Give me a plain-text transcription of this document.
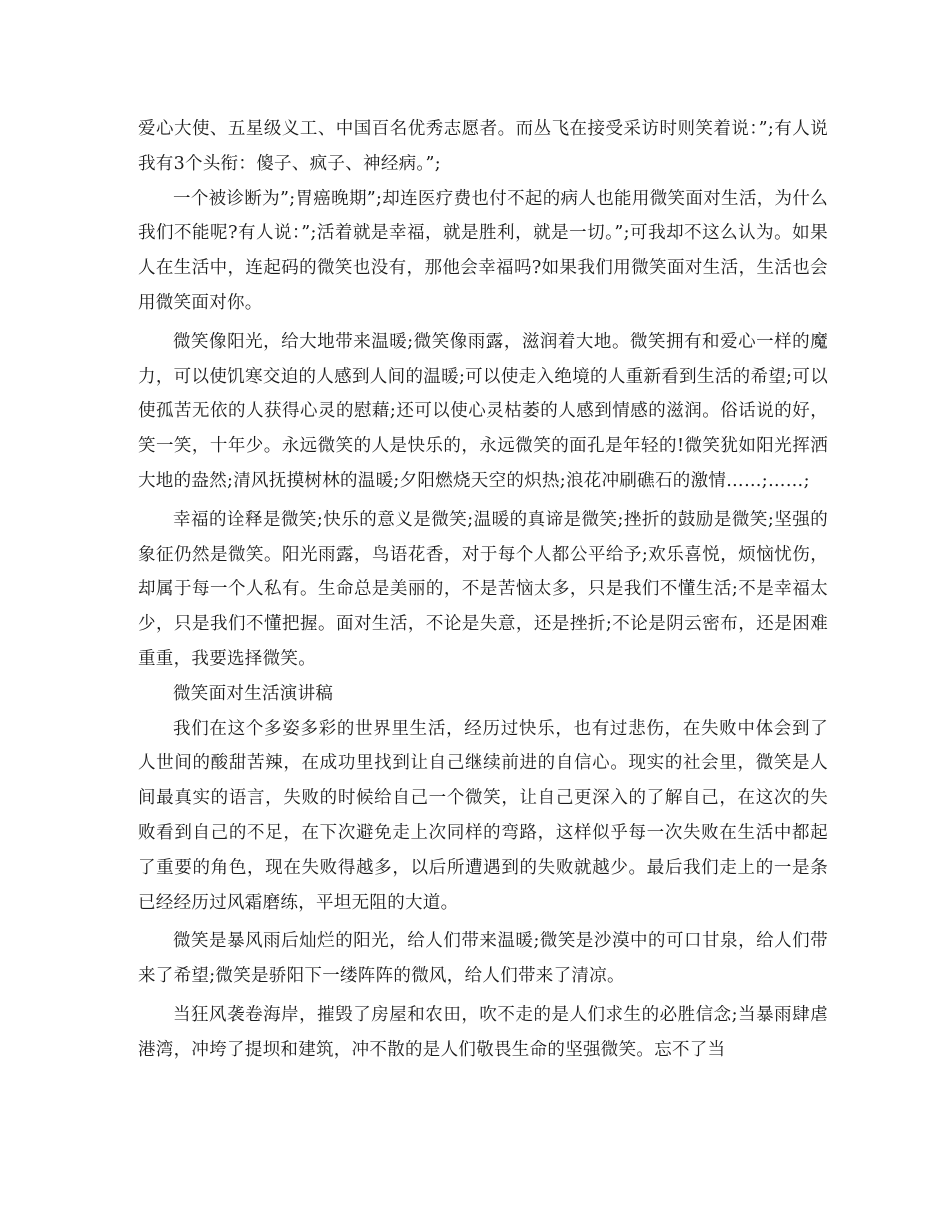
爱心大使、五星级义工、中国百名优秀志愿者。而丛飞在接受采访时则笑着说：”;有人说我有3个头衔：傻子、疯子、神经病。”;

一个被诊断为”;胃癌晚期”;却连医疗费也付不起的病人也能用微笑面对生活，为什么我们不能呢?有人说：”;活着就是幸福，就是胜利，就是一切。”;可我却不这么认为。如果人在生活中，连起码的微笑也没有，那他会幸福吗?如果我们用微笑面对生活，生活也会用微笑面对你。

微笑像阳光，给大地带来温暖;微笑像雨露，滋润着大地。微笑拥有和爱心一样的魔力，可以使饥寒交迫的人感到人间的温暖;可以使走入绝境的人重新看到生活的希望;可以使孤苦无依的人获得心灵的慰藉;还可以使心灵枯萎的人感到情感的滋润。俗话说的好，笑一笑，十年少。永远微笑的人是快乐的，永远微笑的面孔是年轻的!微笑犹如阳光挥洒大地的盎然;清风抚摸树林的温暖;夕阳燃烧天空的炽热;浪花冲刷礁石的激情……;……;

幸福的诠释是微笑;快乐的意义是微笑;温暖的真谛是微笑;挫折的鼓励是微笑;坚强的象征仍然是微笑。阳光雨露，鸟语花香，对于每个人都公平给予;欢乐喜悦，烦恼忧伤，却属于每一个人私有。生命总是美丽的，不是苦恼太多，只是我们不懂生活;不是幸福太少，只是我们不懂把握。面对生活，不论是失意，还是挫折;不论是阴云密布，还是困难重重，我要选择微笑。

微笑面对生活演讲稿

我们在这个多姿多彩的世界里生活，经历过快乐，也有过悲伤，在失败中体会到了人世间的酸甜苦辣，在成功里找到让自己继续前进的自信心。现实的社会里，微笑是人间最真实的语言，失败的时候给自己一个微笑，让自己更深入的了解自己，在这次的失败看到自己的不足，在下次避免走上次同样的弯路，这样似乎每一次失败在生活中都起了重要的角色，现在失败得越多，以后所遭遇到的失败就越少。最后我们走上的一是条已经经历过风霜磨练，平坦无阻的大道。

微笑是暴风雨后灿烂的阳光，给人们带来温暖;微笑是沙漠中的可口甘泉，给人们带来了希望;微笑是骄阳下一缕阵阵的微风，给人们带来了清凉。

当狂风袭卷海岸，摧毁了房屋和农田，吹不走的是人们求生的必胜信念;当暴雨肆虐港湾，冲垮了提坝和建筑，冲不散的是人们敬畏生命的坚强微笑。忘不了当
